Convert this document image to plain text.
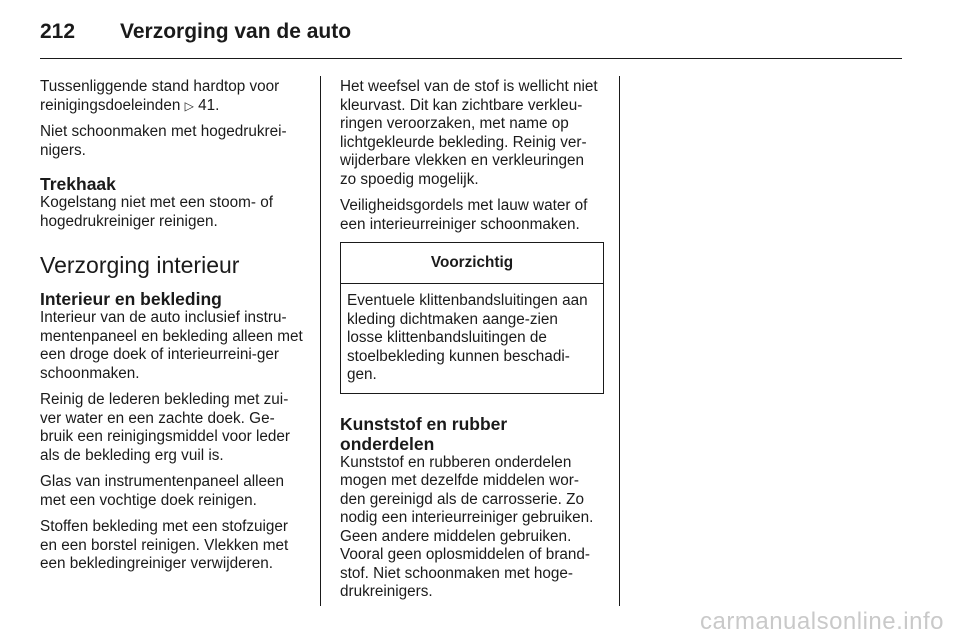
212	Verzorging van de auto

Tussenliggende stand hardtop voor reinigingsdoeleinden ▷ 41.

Niet schoonmaken met hogedrukrei-nigers.

Trekhaak

Kogelstang niet met een stoom- of hogedrukreiniger reinigen.

Verzorging interieur
Interieur en bekleding

Interieur van de auto inclusief instru-mentenpaneel en bekleding alleen met een droge doek of interieurreini-ger schoonmaken.

Reinig de lederen bekleding met zui-ver water en een zachte doek. Ge-bruik een reinigingsmiddel voor leder als de bekleding erg vuil is.

Glas van instrumentenpaneel alleen met een vochtige doek reinigen.

Stoffen bekleding met een stofzuiger en een borstel reinigen. Vlekken met een bekledingreiniger verwijderen.

Het weefsel van de stof is wellicht niet kleurvast. Dit kan zichtbare verkleu-ringen veroorzaken, met name op lichtgekleurde bekleding. Reinig ver-wijderbare vlekken en verkleuringen zo spoedig mogelijk.

Veiligheidsgordels met lauw water of een interieurreiniger schoonmaken.

Voorzichtig
Eventuele klittenbandsluitingen aan kleding dichtmaken aange-zien losse klittenbandsluitingen de stoelbekleding kunnen beschadi-gen.
Kunststof en rubber onderdelen

Kunststof en rubberen onderdelen mogen met dezelfde middelen wor-den gereinigd als de carrosserie. Zo nodig een interieurreiniger gebruiken. Geen andere middelen gebruiken. Vooral geen oplosmiddelen of brand-stof. Niet schoonmaken met hoge-drukreinigers.

carmanualsonline.info
